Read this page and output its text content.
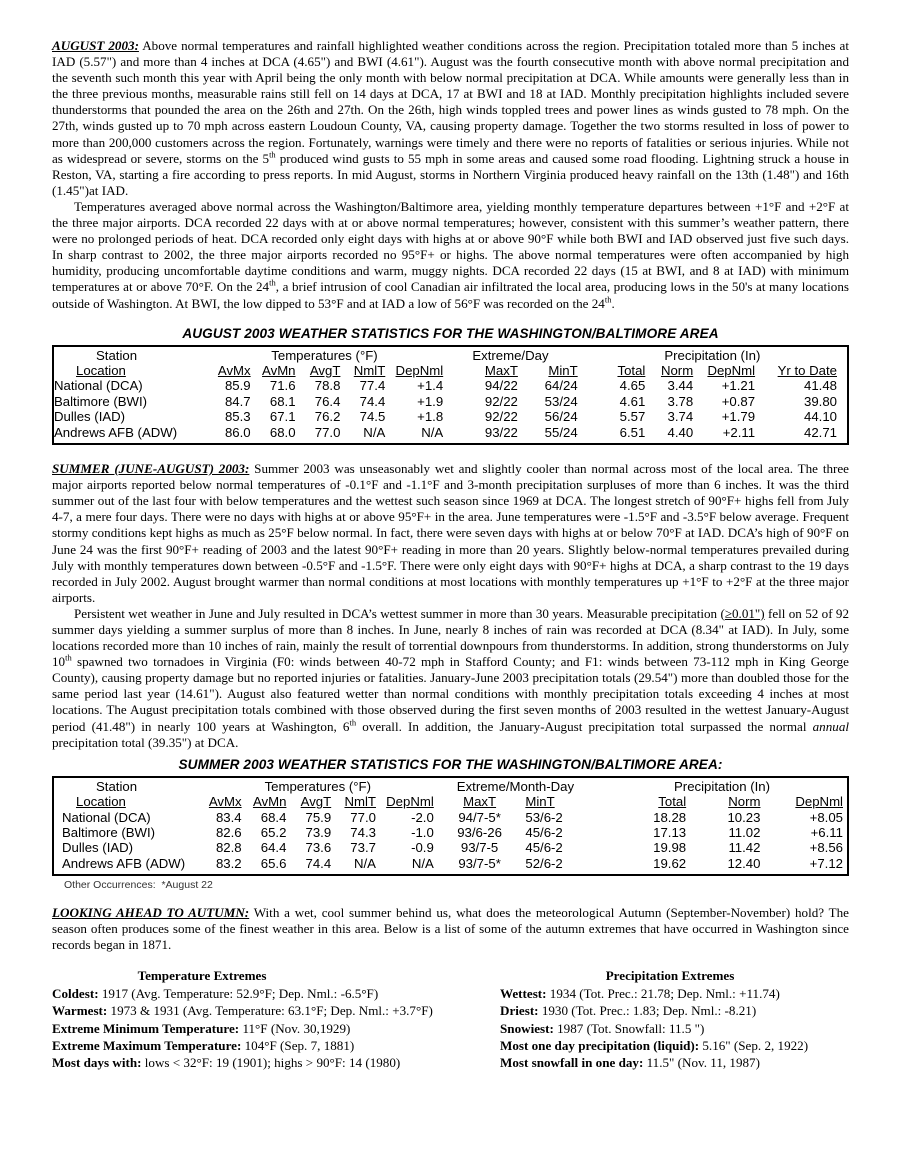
AUGUST 2003: Above normal temperatures and rainfall highlighted weather conditions across the region. Precipitation totaled more than 5 inches at IAD (5.57") and more than 4 inches at DCA (4.65") and BWI (4.61"). August was the fourth consecutive month with above normal precipitation and the seventh such month this year with April being the only month with below normal precipitation at DCA. While amounts were generally less than in the three previous months, measurable rains still fell on 14 days at DCA, 17 at BWI and 18 at IAD. Monthly precipitation highlights included severe thunderstorms that pounded the area on the 26th and 27th. On the 26th, high winds toppled trees and power lines as winds gusted to 78 mph. On the 27th, winds gusted up to 70 mph across eastern Loudoun County, VA, causing property damage. Together the two storms resulted in loss of power to more than 200,000 customers across the region. Fortunately, warnings were timely and there were no reports of fatalities or serious injuries. While not as widespread or severe, storms on the 5th produced wind gusts to 55 mph in some areas and caused some road flooding. Lightning struck a house in Reston, VA, starting a fire according to press reports. In mid August, storms in Northern Virginia produced heavy rainfall on the 13th (1.48") and 16th (1.45")at IAD.

Temperatures averaged above normal across the Washington/Baltimore area, yielding monthly temperature departures between +1°F and +2°F at the three major airports. DCA recorded 22 days with at or above normal temperatures; however, consistent with this summer’s weather pattern, there were no prolonged periods of heat. DCA recorded only eight days with highs at or above 90°F while both BWI and IAD observed just five such days. In sharp contrast to 2002, the three major airports recorded no 95°F+ or highs. The above normal temperatures were often accompanied by high humidity, producing uncomfortable daytime conditions and warm, muggy nights. DCA recorded 22 days (15 at BWI, and 8 at IAD) with minimum temperatures at or above 70°F. On the 24th, a brief intrusion of cool Canadian air infiltrated the local area, producing lows in the 50's at many locations outside of Washington. At BWI, the low dipped to 53°F and at IAD a low of 56°F was recorded on the 24th.

AUGUST 2003 WEATHER STATISTICS FOR THE WASHINGTON/BALTIMORE AREA
Station	Temperatures (°F)					Extreme/Day		Precipitation (In)			
Location	AvMx	AvMn	AvgT	NmlT	DepNml	MaxT	MinT	Total	Norm	DepNml	Yr to Date
National (DCA)	85.9	71.6	78.8	77.4	+1.4	94/22	64/24	4.65	3.44	+1.21	41.48
Baltimore (BWI)	84.7	68.1	76.4	74.4	+1.9	92/22	53/24	4.61	3.78	+0.87	39.80
Dulles (IAD)	85.3	67.1	76.2	74.5	+1.8	92/22	56/24	5.57	3.74	+1.79	44.10
Andrews AFB (ADW)	86.0	68.0	77.0	N/A	N/A	93/22	55/24	6.51	4.40	+2.11	42.71

SUMMER (JUNE-AUGUST) 2003: Summer 2003 was unseasonably wet and slightly cooler than normal across most of the local area. The three major airports reported below normal temperatures of -0.1°F and -1.1°F and 3-month precipitation surpluses of more than 6 inches. It was the third summer out of the last four with below temperatures and the wettest such season since 1969 at DCA. The longest stretch of 90°F+ highs fell from July 4-7, a mere four days. There were no days with highs at or above 95°F+ in the area. June temperatures were -1.5°F and -3.5°F below average. Frequent stormy conditions kept highs as much as 25°F below normal. In fact, there were seven days with highs at or below 70°F at IAD. DCA’s high of 90°F on June 24 was the first 90°F+ reading of 2003 and the latest 90°F+ reading in more than 20 years. Slightly below-normal temperatures prevailed during July with monthly temperatures down between -0.5°F and -1.5°F. There were only eight days with 90°F+ highs at DCA, a sharp contrast to the 19 days recorded in July 2002. August brought warmer than normal conditions at most locations with monthly temperatures up +1°F to +2°F at the three major airports.

Persistent wet weather in June and July resulted in DCA’s wettest summer in more than 30 years. Measurable precipitation (≥0.01") fell on 52 of 92 summer days yielding a summer surplus of more than 8 inches. In June, nearly 8 inches of rain was recorded at DCA (8.34" at IAD). In July, some locations recorded more than 10 inches of rain, mainly the result of torrential downpours from thunderstorms. In addition, strong thunderstorms on July 10th spawned two tornadoes in Virginia (F0: winds between 40-72 mph in Stafford County; and F1: winds between 73-112 mph in King George County), causing property damage but no reported injuries or fatalities. January-June 2003 precipitation totals (29.54") more than doubled those for the same period last year (14.61"). August also featured wetter than normal conditions with monthly precipitation totals exceeding 4 inches at most locations. The August precipitation totals combined with those observed during the first seven months of 2003 resulted in the wettest January-August period (41.48") in nearly 100 years at Washington, 6th overall. In addition, the January-August precipitation total surpassed the normal annual precipitation total (39.35") at DCA.

SUMMER 2003 WEATHER STATISTICS FOR THE WASHINGTON/BALTIMORE AREA:
Station	Temperatures (°F)					Extreme/Month-Day		Precipitation (In)		
Location	AvMx	AvMn	AvgT	NmlT	DepNml	MaxT	MinT	Total	Norm	DepNml
National (DCA)	83.4	68.4	75.9	77.0	-2.0	94/7-5*	53/6-2	18.28	10.23	+8.05
Baltimore (BWI)	82.6	65.2	73.9	74.3	-1.0	93/6-26	45/6-2	17.13	11.02	+6.11
Dulles (IAD)	82.8	64.4	73.6	73.7	-0.9	93/7-5	45/6-2	19.98	11.42	+8.56
Andrews AFB (ADW)	83.2	65.6	74.4	N/A	N/A	93/7-5*	52/6-2	19.62	12.40	+7.12
Other Occurrences: *August 22

LOOKING AHEAD TO AUTUMN: With a wet, cool summer behind us, what does the meteorological Autumn (September-November) hold? The season often produces some of the finest weather in this area. Below is a list of some of the autumn extremes that have occurred in Washington since records began in 1871.

Temperature Extremes
Coldest: 1917 (Avg. Temperature: 52.9°F; Dep. Nml.: -6.5°F)
Warmest: 1973 & 1931 (Avg. Temperature: 63.1°F; Dep. Nml.: +3.7°F)
Extreme Minimum Temperature: 11°F (Nov. 30,1929)
Extreme Maximum Temperature: 104°F (Sep. 7, 1881)
Most days with: lows < 32°F: 19 (1901); highs > 90°F: 14 (1980)
Precipitation Extremes
Wettest: 1934 (Tot. Prec.: 21.78; Dep. Nml.: +11.74)
Driest: 1930 (Tot. Prec.: 1.83; Dep. Nml.: -8.21)
Snowiest: 1987 (Tot. Snowfall: 11.5 ")
Most one day precipitation (liquid): 5.16" (Sep. 2, 1922)
Most snowfall in one day: 11.5" (Nov. 11, 1987)
